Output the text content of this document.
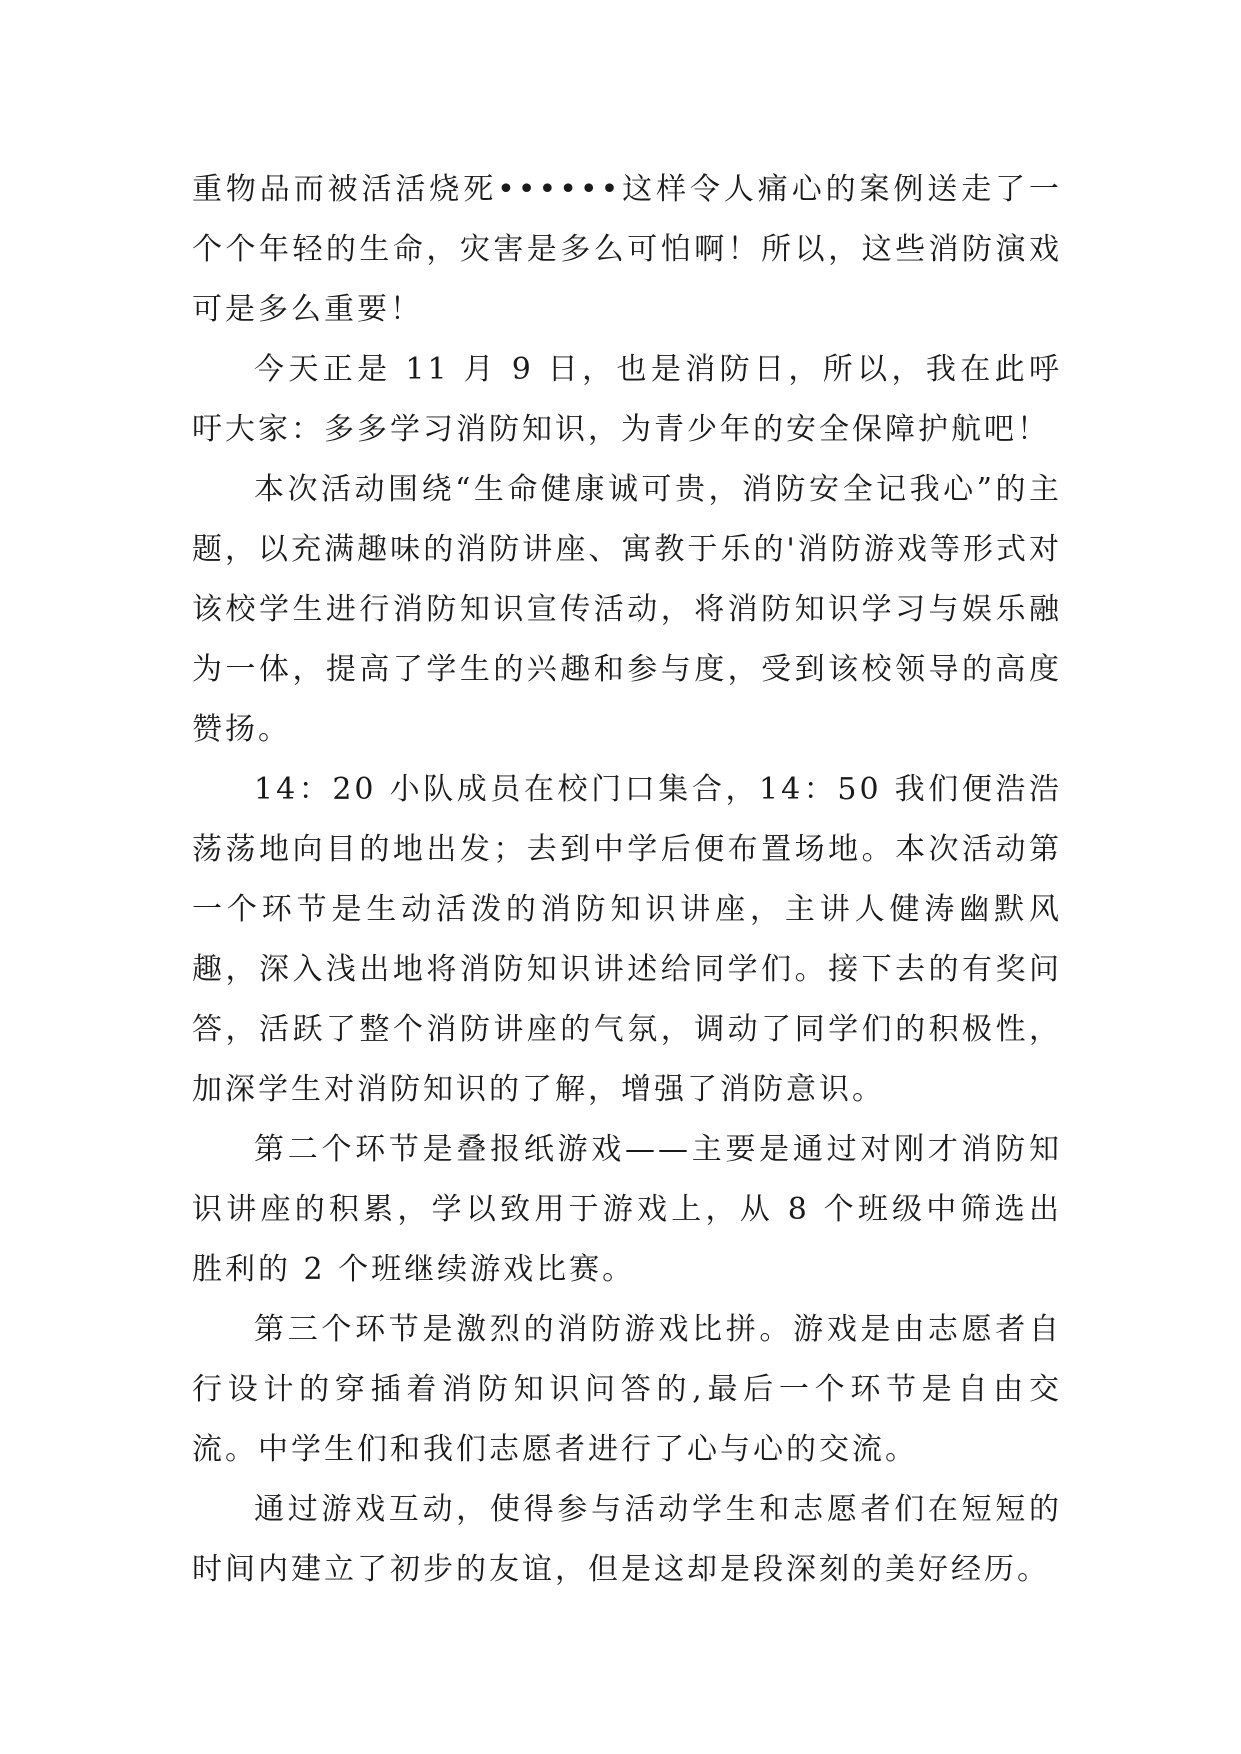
重物品而被活活烧死••••••这样令人痛心的案例送走了一个个年轻的生命，灾害是多么可怕啊！所以，这些消防演戏可是多么重要！

今天正是 11 月 9 日，也是消防日，所以，我在此呼吁大家：多多学习消防知识，为青少年的安全保障护航吧！

本次活动围绕“生命健康诚可贵，消防安全记我心”的主题，以充满趣味的消防讲座、寓教于乐的'消防游戏等形式对该校学生进行消防知识宣传活动，将消防知识学习与娱乐融为一体，提高了学生的兴趣和参与度，受到该校领导的高度赞扬。

14：20 小队成员在校门口集合，14：50 我们便浩浩荡荡地向目的地出发；去到中学后便布置场地。本次活动第一个环节是生动活泼的消防知识讲座，主讲人健涛幽默风趣，深入浅出地将消防知识讲述给同学们。接下去的有奖问答，活跃了整个消防讲座的气氛，调动了同学们的积极性，加深学生对消防知识的了解，增强了消防意识。

第二个环节是叠报纸游戏——主要是通过对刚才消防知识讲座的积累，学以致用于游戏上，从 8 个班级中筛选出胜利的 2 个班继续游戏比赛。

第三个环节是激烈的消防游戏比拼。游戏是由志愿者自行设计的穿插着消防知识问答的,最后一个环节是自由交流。中学生们和我们志愿者进行了心与心的交流。

通过游戏互动，使得参与活动学生和志愿者们在短短的时间内建立了初步的友谊，但是这却是段深刻的美好经历。
